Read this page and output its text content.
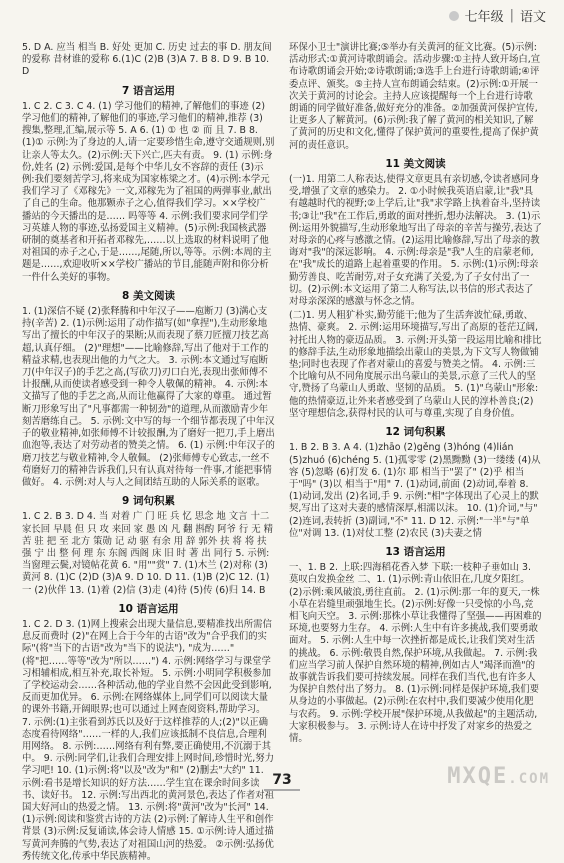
七年级 | 语文

5. D A. 应当 相当 B. 好处 更加 C. 历史 过去的事 D. 朋友间的爱称 昔材谁的爱称 6.(1)C (2)B (3)A 7. B 8. D 9. B 10. D

7 语言运用

1. C 2. C 3. C 4. (1) 学习他们的精神,了解他们的事迹 (2) 学习他们的精神,了解他们的事迹,学习他们的精神,推荐 (3) 搜集,整理,汇编,展示等 5. A 6. (1) ① 也 ② 而 且 7. B 8. (1)① 示例:为了身边的人,请一定要珍惜生命,遵守交通规则,别让亲人等太久。(2)示例:天下兴亡,匹夫有责。 9. (1) 示例:身份,姓名 (2) 示例:爱国,是每个中华儿女不容辞的责任 (3)示例:我们要刻苦学习,将来成为国家栋梁之才。(4)示例:本学元我们学习了《邓稼先》一文,邓稼先为了祖国的两弹事业,献出了自己的生命。他那颗赤子之心,值得我们学习。××学校广播站的今天播出的是…… 吗等等 4. 示例:我们要求同学们学习英雄人物的事迹,弘扬爱国主义精神。(5)示例:我国核武器研制的奠基者和开拓者邓稼先,……以上选取的材料说明了他对祖国的赤子之心,于是……,尾随,所以,等等。示例:本周的主题是……,欢迎收听××学校广播站的节目,能随声附和你分析一件什么美好的事物。

8 美文阅读

1. (1)深信不疑 (2)张释腾和中年汉子——庖断刀 (3)满心支持(辛苦) 2. (1)示例:运用了动作描写(如"拿捏"),生动形象地写出了擅长的中年汉子的果断;从而表现了蔡刀匠擅刀技艺高超,认真仔细。 (2)"理想"——比喻修辞,写出了他对于工作的精益求精,也表现出他的力气之大。 3. 示例:本文通过写庖断刀(中年汉子)的手艺之高,(写砍刀)刃口白光,表现出张师傅不计报酬,从而使读者感受到一种令人敬佩的精神。 4. 示例:本文描写了他的手艺之高,从而让他赢得了大家的尊重。 通过暂断刀形象写出了"凡事都需一种韧劲"的道理,从而激励青少年刻苦磨练自己。 5. 示例:文中写的每一个细节都表现了中年汉子的敬业精神,如张师傅不计较报酬,为了磨好一把刀,手上磨出血泡等,表达了对劳动者的赞美之情。 6. (1) 示例:中年汉子的磨刀技艺与敬业精神,令人敬佩。 (2)张师傅专心致志,一丝不苟磨好刀的精神告诉我们,只有认真对待每一件事,才能把事情做好。 4. 示例:对人与人之间团结互助的人际关系的讴歌。

9 词句积累

1. C 2. B 3. D 4. 当 对着 广 门 旺 兵 忆 思念 地 文言 十二 家长回 早晨 但 只 攻 来回 家 愚 凶 凡 翻 斟酌 阿爷 行 无 精 苦 驻 把 至 北方 策勋 记 动 驱 有余 用 辞 郭外 扶 将 将 扶 强 宁 出 整 何 理 东 东阁 西阁 床 旧 时 著 出 同行 5. 示例:当窗理云鬓,对镜帖花黄 6. "用""赏" 7. (1)木兰 (2)对称 (3)黄河 8. (1)C (2)D (3)A 9. D 10. D 11. (1)B (2)C 12. (1)一 (2)伙伴 13. (1)着 (2)信 (3)走 (4)待 (5)传 (6)归 14. B

10 语言运用

1. C 2. D 3. (1)网上搜索会出现大量信息,要精准找出所需信息反而费时 (2)"在网上合于今年的古语"改为"合乎我们的实际"(将"当下的古语"改为"当下的说法"), "成为……"(将"把……等等"改为"所以……") 4. 示例:网络学习与课堂学习相辅相成,相互补充,取长补短。 5. 示例:小明同学积极参加了学校运动会……各种活动,他的学业自然不会因此受到影响,反而更加优异。 6. 示例:在网络媒体上,同学们可以阅读大量的课外书籍,开阔眼界;也可以通过上网查阅资料,帮助学习。 7. 示例:(1)主张看到苏氏以及好于这样推荐的人;(2)"以正确态度看待网络"……一样的人,我们应该抵制不良信息,合理利用网络。 8. 示例:……网络有利有弊,要正确使用,不沉溺于其中。 9. 示例:同学们,让我们合理安排上网时间,珍惜时光,努力学习吧! 10. (1)示例:将"以及"改为"和" (2)删去"大约" 11. 示例:看书是增长知识的好方法……学生宜在课余时间多读书、读好书。 12. 示例:写出西北的黄河景色,表达了作者对祖国大好河山的热爱之情。 13. 示例:将"黄河"改为"长河" 14. (1)示例:阅读和鉴赏古诗的方法 (2)示例:了解诗人生平和创作背景 (3)示例:反复诵读,体会诗人情感 15. ①示例:诗人通过描写黄河奔腾的气势,表达了对祖国山河的热爱。 ②示例:弘扬优秀传统文化,传承中华民族精神。

环保小卫士"演讲比赛;⑤举办有关黄河的征文比赛。(5)示例:活动形式:①黄河诗歌朗诵会。活动步骤:①主持人致开场白,宣布诗歌朗诵会开始;②诗歌朗诵;③选手上台进行诗歌朗诵;④评委点评、颁奖。⑤主持人宣布朗诵会结束。(2)示例:①开展一次关于黄河的讨论会。主持人应该提醒每一个上台进行诗歌朗诵的同学做好准备,做好充分的准备。②加强黄河保护宣传,让更多人了解黄河。(6)示例:我了解了黄河的相关知识,了解了黄河的历史和文化,懂得了保护黄河的重要性,提高了保护黄河的责任意识。

11 美文阅读

(一)1. 用第二人称表达,使得文章更具有亲切感,令读者感同身受,增强了文章的感染力。 2. ①小时候我英语启蒙,让"我"具有越越时代的视野;②上学后,让"我"求学路上执着奋斗,坚持读书;③让"我"在工作后,勇敢的面对挫折,想办法解决。 3. (1)示例:运用外貌描写,生动形象地写出了母亲的辛苦与操劳,表达了对母亲的心疼与感激之情。(2)运用比喻修辞,写出了母亲的教诲对"我"的深远影响。 4. 示例:母亲是"我"人生的启蒙老师,在"我"成长的道路上起着重要的作用。 5. 示例:(1)示例:母亲勤劳善良、吃苦耐劳,对子女充满了关爱,为了子女付出了一切。(2)示例:本文运用了第二人称写法,以书信的形式表达了对母亲深深的感激与怀念之情。

(二)1. 男人粗犷朴实,勤劳能干;他为了生活奔波忙碌,勇敢、热情、豪爽。 2. 示例:运用环境描写,写出了高原的苍茫辽阔,衬托出人物的豪迈品质。 3. 示例:开头第一段运用比喻和排比的修辞手法,生动形象地描绘出蒙山的美景,为下文写人物做铺垫;同时也表现了作者对蒙山的喜爱与赞美之情。 4. 示例:三个比喻句从不同角度展示出乌蒙山的美景,示意了三代人的坚守,赞扬了乌蒙山人勇敢、坚韧的品质。 5. (1)"乌蒙山"形象:他的热情豪迈,让外来者感受到了乌蒙山人民的淳朴善良;(2)坚守理想信念,获得村民的认可与尊重,实现了自身价值。

12 词句积累

1. B 2. B 3. A 4. (1)zhāo (2)gěng (3)hóng (4)lián (5)zhuó (6)chéng 5. (1)孤零零 (2)黑黝黝 (3)一缕缕 (4)从容 (5)忽略 (6)打发 6. (1)尔 耶 相当于"罢了" (2)乎 相当于"吗" (3)以 相当于"用" 7. (1)动词,前面 (2)动词,奉着 8. (1)动词,发出 (2)名词,手 9. 示例:"相"字体现出了心灵上的默契,写出了这对夫妻的感情深厚,相濡以沫。 10. (1)介词,"与" (2)连词,表转折 (3)副词,"不" 11. D 12. 示例:"一半"与"单位"对调 13. (1)对仗工整 (2)农民 (3)夫妻之情

13 语言运用

一、1. B 2. 上联:四海稻花香入梦 下联:一枝种子垂如山 3. 莫叹白发换金丝 二、1. (1)示例:青山依旧在,几度夕阳红。(2)示例:乘风破浪,勇往直前。 2. (1)示例:那一年的夏天,一株小草在岩缝里顽强地生长。(2)示例:好像一只受惊的小鸟,竞相飞向天空。 3. 示例:那株小草让我懂得了坚强——再困难的环境,也要努力生存。 4. 示例:人生中有许多挑战,我们要勇敢面对。 5. 示例:人生中每一次挫折都是成长,让我们笑对生活的挑战。 6. 示例:敬畏自然,保护环境,从我做起。 7. 示例:我们应当学习前人保护自然环境的精神,例如古人"竭泽而渔"的故事就告诉我们要可持续发展。同样在我们当代,也有许多人为保护自然付出了努力。 8. (1)示例:同样是保护环境,我们要从身边的小事做起。(2)示例:在农村中,我们要减少使用化肥与农药。 9. 示例:学校开展"保护环境,从我做起"的主题活动,大家积极参与。 3. 示例:诗人在诗中抒发了对家乡的热爱之情。

73	MXQE.COM
